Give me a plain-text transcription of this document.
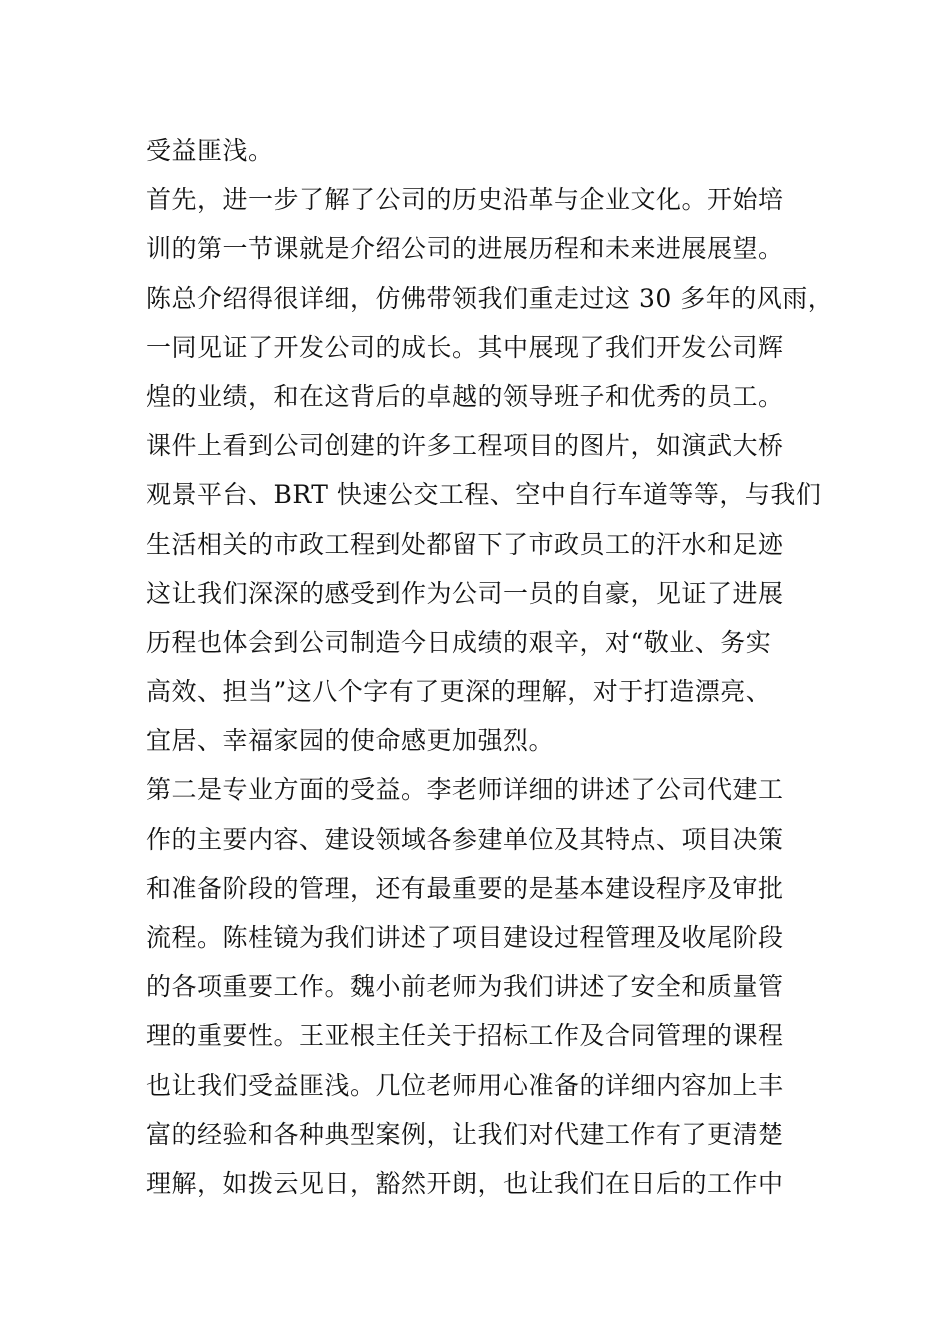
受益匪浅。
首先，进一步了解了公司的历史沿革与企业文化。开始培
训的第一节课就是介绍公司的进展历程和未来进展展望。
陈总介绍得很详细，仿佛带领我们重走过这 30 多年的风雨，
一同见证了开发公司的成长。其中展现了我们开发公司辉
煌的业绩，和在这背后的卓越的领导班子和优秀的员工。
课件上看到公司创建的许多工程项目的图片，如演武大桥
观景平台、BRT 快速公交工程、空中自行车道等等，与我们
生活相关的市政工程到处都留下了市政员工的汗水和足迹
这让我们深深的感受到作为公司一员的自豪，见证了进展
历程也体会到公司制造今日成绩的艰辛，对“敬业、务实
高效、担当”这八个字有了更深的理解，对于打造漂亮、
宜居、幸福家园的使命感更加强烈。
第二是专业方面的受益。李老师详细的讲述了公司代建工
作的主要内容、建设领域各参建单位及其特点、项目决策
和准备阶段的管理，还有最重要的是基本建设程序及审批
流程。陈桂镜为我们讲述了项目建设过程管理及收尾阶段
的各项重要工作。魏小前老师为我们讲述了安全和质量管
理的重要性。王亚根主任关于招标工作及合同管理的课程
也让我们受益匪浅。几位老师用心准备的详细内容加上丰
富的经验和各种典型案例，让我们对代建工作有了更清楚
理解，如拨云见日，豁然开朗，也让我们在日后的工作中
